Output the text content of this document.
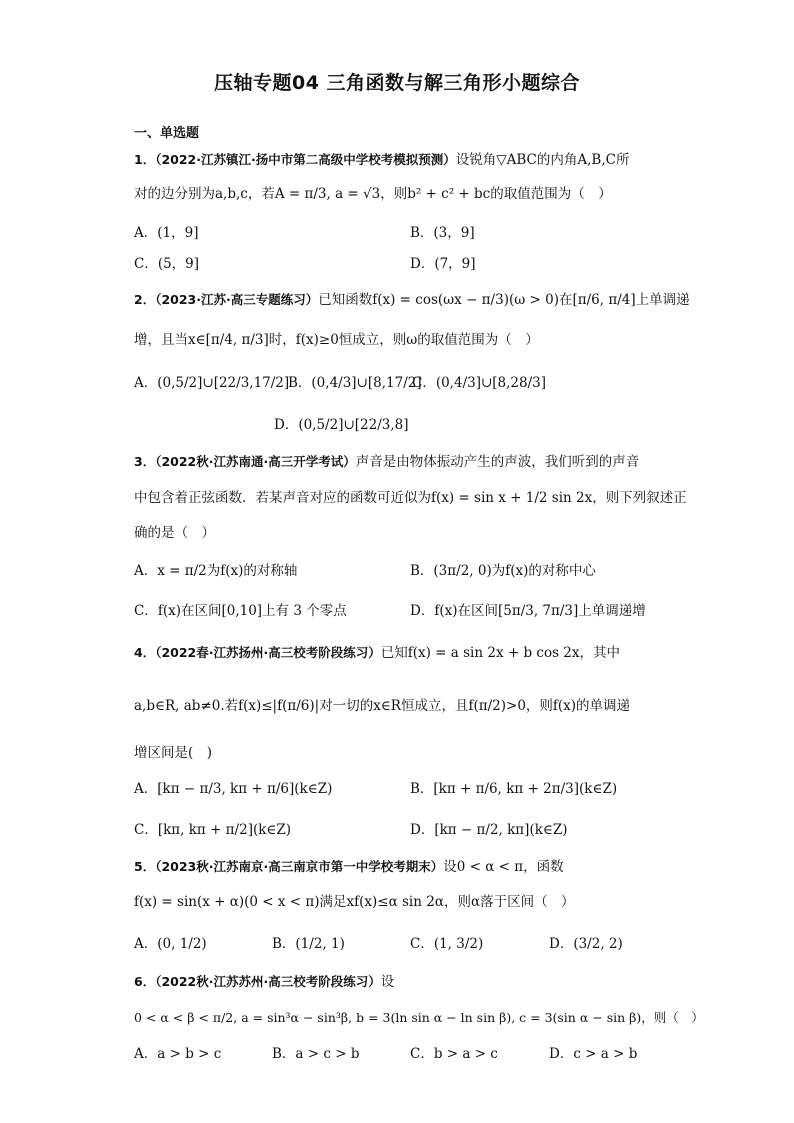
压轴专题04 三角函数与解三角形小题综合
一、单选题
1．（2022·江苏镇江·扬中市第二高级中学校考模拟预测）设锐角▽ABC的内角A,B,C所
对的边分别为a,b,c，若A = π/3, a = √3，则b² + c² + bc的取值范围为（　）
A．(1，9]	B．(3，9]
C．(5，9]	D．(7，9]
2．（2023·江苏·高三专题练习）已知函数f(x) = cos(ωx − π/3)(ω > 0)在[π/6, π/4]上单调递
增，且当x∈[π/4, π/3]时，f(x)≥0恒成立，则ω的取值范围为（　）
A．(0,5/2]∪[22/3,17/2]
B．(0,4/3]∪[8,17/2]
C．(0,4/3]∪[8,28/3]
D．(0,5/2]∪[22/3,8]
3．（2022秋·江苏南通·高三开学考试）声音是由物体振动产生的声波，我们听到的声音
中包含着正弦函数．若某声音对应的函数可近似为f(x) = sin x + 1/2 sin 2x，则下列叙述正
确的是（　）
A．x = π/2为f(x)的对称轴	B．(3π/2, 0)为f(x)的对称中心
C．f(x)在区间[0,10]上有 3 个零点	D．f(x)在区间[5π/3, 7π/3]上单调递增
4．（2022春·江苏扬州·高三校考阶段练习）已知f(x) = a sin 2x + b cos 2x，其中
a,b∈R, ab≠0.若f(x)≤|f(π/6)|对一切的x∈R恒成立，且f(π/2)>0，则f(x)的单调递
增区间是(　)
A．[kπ − π/3, kπ + π/6](k∈Z)	B．[kπ + π/6, kπ + 2π/3](k∈Z)
C．[kπ, kπ + π/2](k∈Z)	D．[kπ − π/2, kπ](k∈Z)
5．（2023秋·江苏南京·高三南京市第一中学校考期末）设0 < α < π，函数
f(x) = sin(x + α)(0 < x < π)满足xf(x)≤α sin 2α，则α落于区间（　）
A．(0, 1/2)	B．(1/2, 1)	C．(1, 3/2)	D．(3/2, 2)
6．（2022秋·江苏苏州·高三校考阶段练习）设
0 < α < β < π/2, a = sin³α − sin³β, b = 3(ln sin α − ln sin β), c = 3(sin α − sin β)，则（　）
A．a > b > c	B．a > c > b	C．b > a > c	D．c > a > b
